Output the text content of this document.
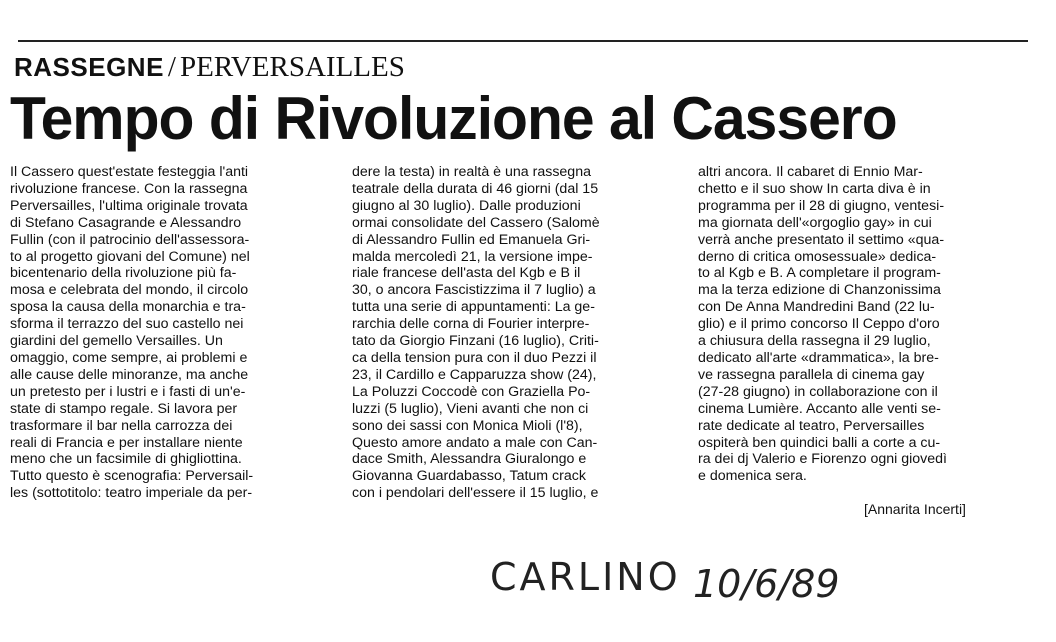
RASSEGNE / PERVERSAILLES
Tempo di Rivoluzione al Cassero
Il Cassero quest'estate festeggia l'anti
rivoluzione francese. Con la rassegna
Perversailles, l'ultima originale trovata
di Stefano Casagrande e Alessandro
Fullin (con il patrocinio dell'assessora-
to al progetto giovani del Comune) nel
bicentenario della rivoluzione più fa-
mosa e celebrata del mondo, il circolo
sposa la causa della monarchia e tra-
sforma il terrazzo del suo castello nei
giardini del gemello Versailles. Un
omaggio, come sempre, ai problemi e
alle cause delle minoranze, ma anche
un pretesto per i lustri e i fasti di un'e-
state di stampo regale. Si lavora per
trasformare il bar nella carrozza dei
reali di Francia e per installare niente
meno che un facsimile di ghigliottina.
Tutto questo è scenografia: Perversail-
les (sottotitolo: teatro imperiale da per-
dere la testa) in realtà è una rassegna
teatrale della durata di 46 giorni (dal 15
giugno al 30 luglio). Dalle produzioni
ormai consolidate del Cassero (Salomè
di Alessandro Fullin ed Emanuela Gri-
malda mercoledì 21, la versione impe-
riale francese dell'asta del Kgb e B il
30, o ancora Fascistizzima il 7 luglio) a
tutta una serie di appuntamenti: La ge-
rarchia delle corna di Fourier interpre-
tato da Giorgio Finzani (16 luglio), Criti-
ca della tension pura con il duo Pezzi il
23, il Cardillo e Capparuzza show (24),
La Poluzzi Coccodè con Graziella Po-
luzzi (5 luglio), Vieni avanti che non ci
sono dei sassi con Monica Mioli (l'8),
Questo amore andato a male con Can-
dace Smith, Alessandra Giuralongo e
Giovanna Guardabasso, Tatum crack
con i pendolari dell'essere il 15 luglio, e
altri ancora. Il cabaret di Ennio Mar-
chetto e il suo show In carta diva è in
programma per il 28 di giugno, ventesi-
ma giornata dell'«orgoglio gay» in cui
verrà anche presentato il settimo «qua-
derno di critica omosessuale» dedica-
to al Kgb e B. A completare il program-
ma la terza edizione di Chanzonissima
con De Anna Mandredini Band (22 lu-
glio) e il primo concorso Il Ceppo d'oro
a chiusura della rassegna il 29 luglio,
dedicato all'arte «drammatica», la bre-
ve rassegna parallela di cinema gay
(27-28 giugno) in collaborazione con il
cinema Lumière. Accanto alle venti se-
rate dedicate al teatro, Perversailles
ospiterà ben quindici balli a corte a cu-
ra dei dj Valerio e Fiorenzo ogni giovedì
e domenica sera.
[Annarita Incerti]
CARLINO 10/6/89
